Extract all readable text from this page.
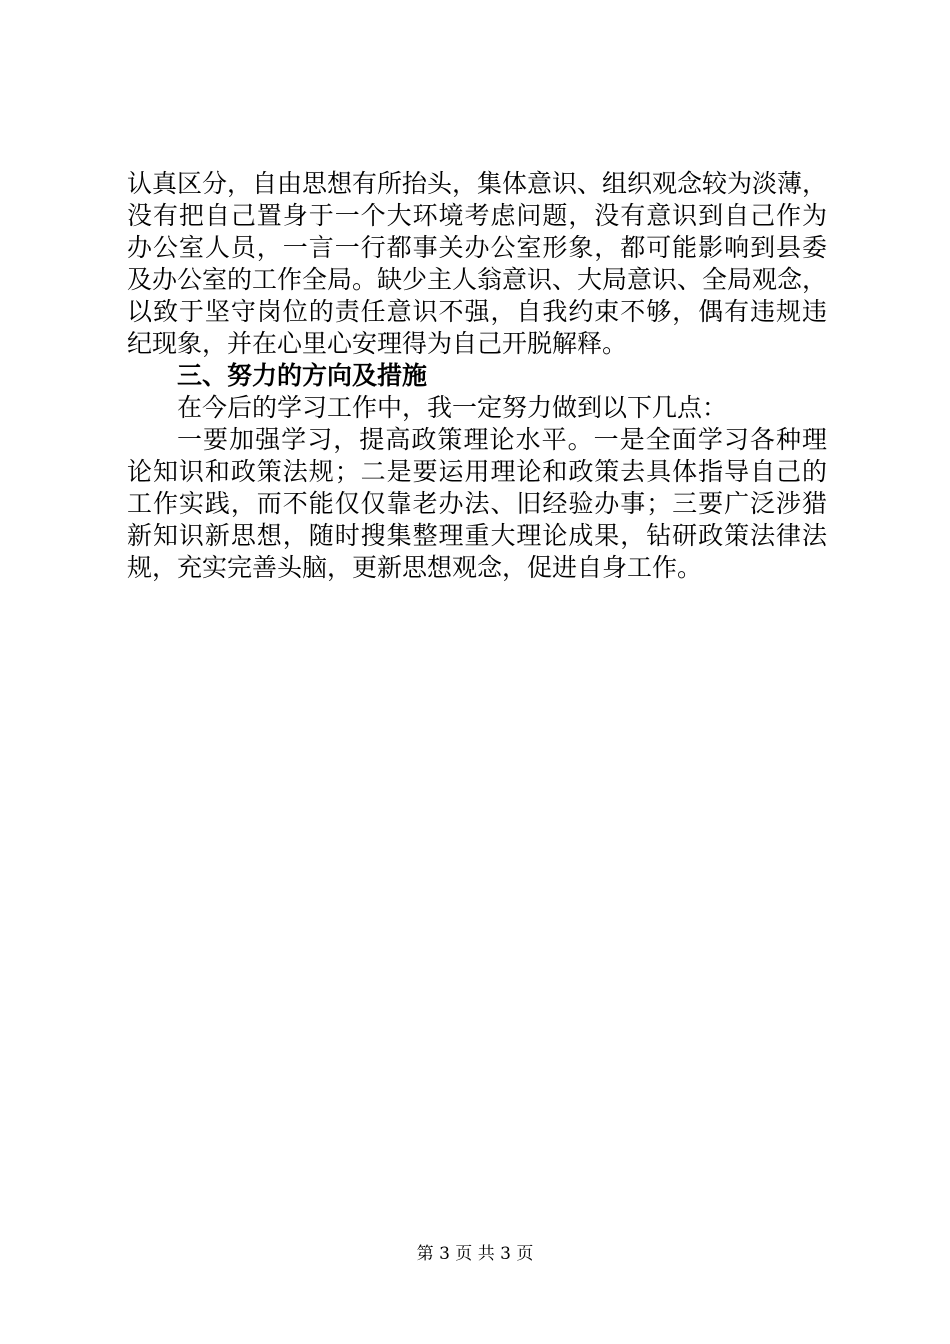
认真区分，自由思想有所抬头，集体意识、组织观念较为淡薄，
没有把自己置身于一个大环境考虑问题，没有意识到自己作为
办公室人员，一言一行都事关办公室形象，都可能影响到县委
及办公室的工作全局。缺少主人翁意识、大局意识、全局观念，
以致于坚守岗位的责任意识不强，自我约束不够，偶有违规违
纪现象，并在心里心安理得为自己开脱解释。
三、努力的方向及措施
在今后的学习工作中，我一定努力做到以下几点：
一要加强学习，提高政策理论水平。一是全面学习各种理
论知识和政策法规；二是要运用理论和政策去具体指导自己的
工作实践，而不能仅仅靠老办法、旧经验办事；三要广泛涉猎
新知识新思想，随时搜集整理重大理论成果，钻研政策法律法
规，充实完善头脑，更新思想观念，促进自身工作。
第 3 页 共 3 页
